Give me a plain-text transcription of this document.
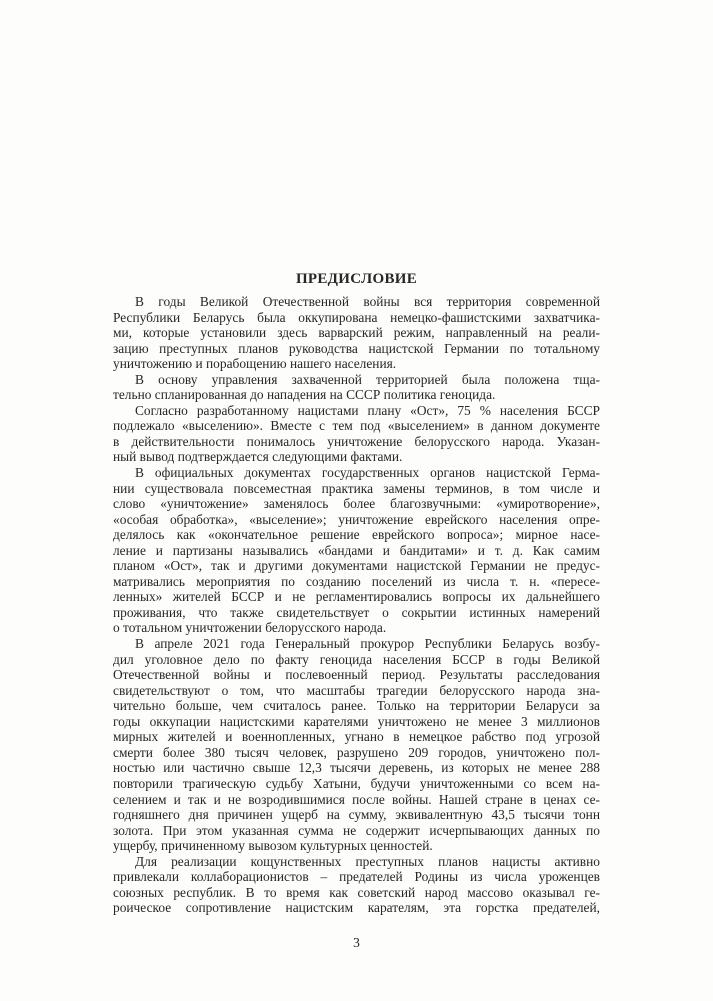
ПРЕДИСЛОВИЕ

В годы Великой Отечественной войны вся территория современной
Республики Беларусь была оккупирована немецко-фашистскими захватчика-
ми, которые установили здесь варварский режим, направленный на реали-
зацию преступных планов руководства нацистской Германии по тотальному
уничтожению и порабощению нашего населения.

В основу управления захваченной территорией была положена тща-
тельно спланированная до нападения на СССР политика геноцида.

Согласно разработанному нацистами плану «Ост», 75 % населения БССР
подлежало «выселению». Вместе с тем под «выселением» в данном документе
в действительности понималось уничтожение белорусского народа. Указан-
ный вывод подтверждается следующими фактами.

В официальных документах государственных органов нацистской Герма-
нии существовала повсеместная практика замены терминов, в том числе и
слово «уничтожение» заменялось более благозвучными: «умиротворение»,
«особая обработка», «выселение»; уничтожение еврейского населения опре-
делялось как «окончательное решение еврейского вопроса»; мирное насе-
ление и партизаны назывались «бандами и бандитами» и т. д. Как самим
планом «Ост», так и другими документами нацистской Германии не предус-
матривались мероприятия по созданию поселений из числа т. н. «пересе-
ленных» жителей БССР и не регламентировались вопросы их дальнейшего
проживания, что также свидетельствует о сокрытии истинных намерений
о тотальном уничтожении белорусского народа.

В апреле 2021 года Генеральный прокурор Республики Беларусь возбу-
дил уголовное дело по факту геноцида населения БССР в годы Великой
Отечественной войны и послевоенный период. Результаты расследования
свидетельствуют о том, что масштабы трагедии белорусского народа зна-
чительно больше, чем считалось ранее. Только на территории Беларуси за
годы оккупации нацистскими карателями уничтожено не менее 3 миллионов
мирных жителей и военнопленных, угнано в немецкое рабство под угрозой
смерти более 380 тысяч человек, разрушено 209 городов, уничтожено пол-
ностью или частично свыше 12,3 тысячи деревень, из которых не менее 288
повторили трагическую судьбу Хатыни, будучи уничтоженными со всем на-
селением и так и не возродившимися после войны. Нашей стране в ценах се-
годняшнего дня причинен ущерб на сумму, эквивалентную 43,5 тысячи тонн
золота. При этом указанная сумма не содержит исчерпывающих данных по
ущербу, причиненному вывозом культурных ценностей.

Для реализации кощунственных преступных планов нацисты активно
привлекали коллаборационистов – предателей Родины из числа уроженцев
союзных республик. В то время как советский народ массово оказывал ге-
роическое сопротивление нацистским карателям, эта горстка предателей,

3
